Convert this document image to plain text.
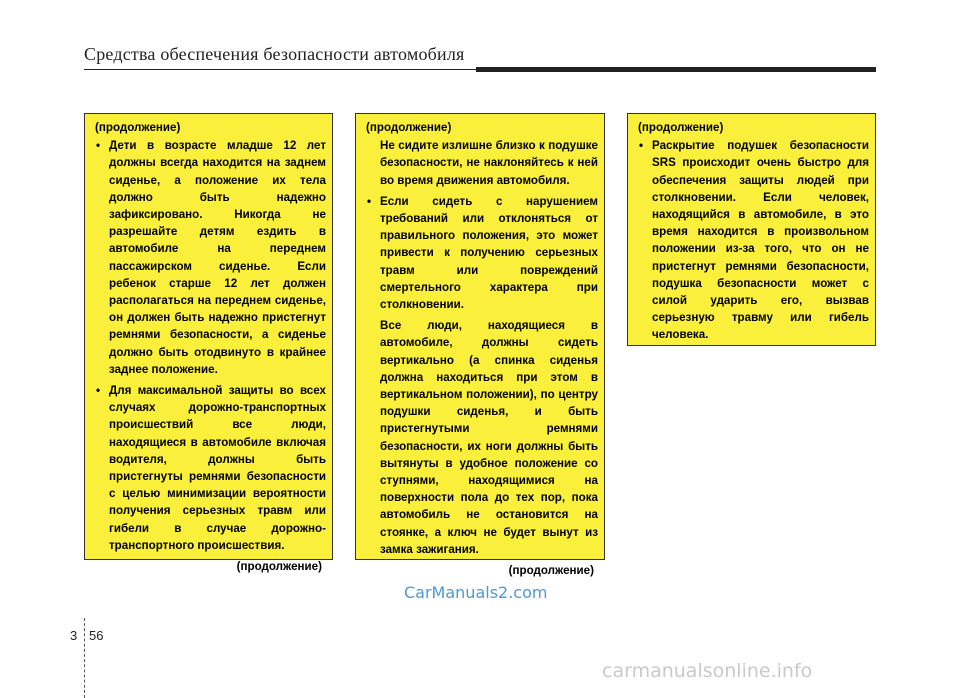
Средства обеспечения безопасности автомобиля
(продолжение)
• Дети в возрасте младше 12 лет должны всегда находится на заднем сиденье, а положение их тела должно быть надежно зафиксировано. Никогда не разрешайте детям ездить в автомобиле на переднем пассажирском сиденье. Если ребенок старше 12 лет должен располагаться на переднем сиденье, он должен быть надежно пристегнут ремнями безопасности, а сиденье должно быть отодвинуто в крайнее заднее положение.
• Для максимальной защиты во всех случаях дорожно-транспортных происшествий все люди, находящиеся в автомобиле включая водителя, должны быть пристегнуты ремнями безопасности с целью минимизации вероятности получения серьезных травм или гибели в случае дорожно-транспортного происшествия.
(продолжение)
(продолжение)
Не сидите излишне близко к подушке безопасности, не наклоняйтесь к ней во время движения автомобиля.
• Если сидеть с нарушением требований или отклоняться от правильного положения, это может привести к получению серьезных травм или повреждений смертельного характера при столкновении.
Все люди, находящиеся в автомобиле, должны сидеть вертикально (а спинка сиденья должна находиться при этом в вертикальном положении), по центру подушки сиденья, и быть пристегнутыми ремнями безопасности, их ноги должны быть вытянуты в удобное положение со ступнями, находящимися на поверхности пола до тех пор, пока автомобиль не остановится на стоянке, а ключ не будет вынут из замка зажигания.
(продолжение)
(продолжение)
• Раскрытие подушек безопасности SRS происходит очень быстро для обеспечения защиты людей при столкновении. Если человек, находящийся в автомобиле, в это время находится в произвольном положении из-за того, что он не пристегнут ремнями безопасности, подушка безопасности может с силой ударить его, вызвав серьезную травму или гибель человека.
CarManuals2.com
3 56
carmanualsonline.info
